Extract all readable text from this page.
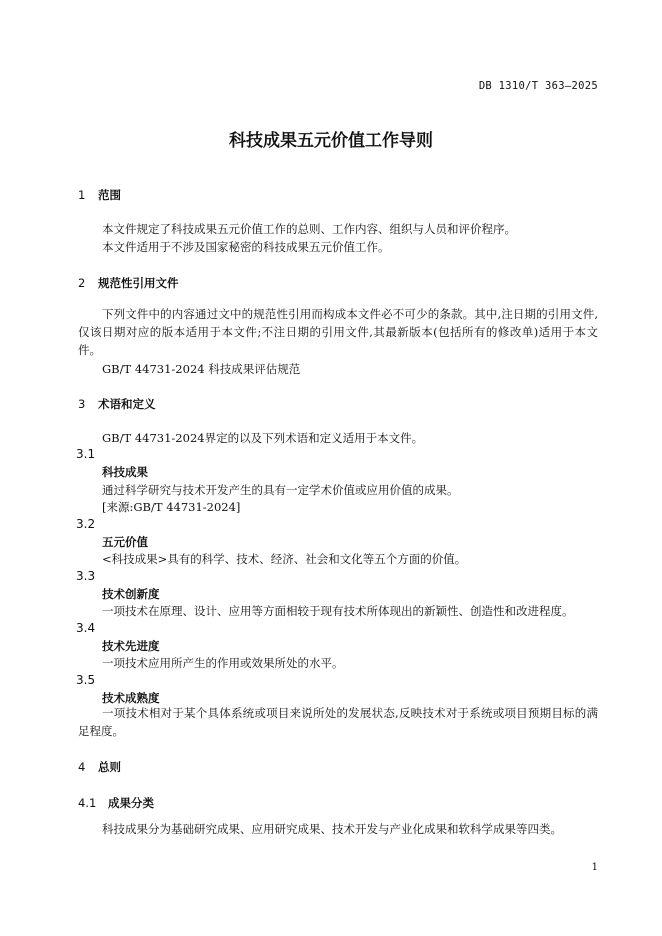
DB 1310/T 363—2025
科技成果五元价值工作导则
1 范围
本文件规定了科技成果五元价值工作的总则、工作内容、组织与人员和评价程序。
本文件适用于不涉及国家秘密的科技成果五元价值工作。
2 规范性引用文件
下列文件中的内容通过文中的规范性引用而构成本文件必不可少的条款。其中,注日期的引用文件,仅该日期对应的版本适用于本文件;不注日期的引用文件,其最新版本(包括所有的修改单)适用于本文件。
GB/T 44731-2024 科技成果评估规范
3 术语和定义
GB/T 44731-2024界定的以及下列术语和定义适用于本文件。
3.1
科技成果
通过科学研究与技术开发产生的具有一定学术价值或应用价值的成果。
[来源:GB/T 44731-2024]
3.2
五元价值
<科技成果>具有的科学、技术、经济、社会和文化等五个方面的价值。
3.3
技术创新度
一项技术在原理、设计、应用等方面相较于现有技术所体现出的新颖性、创造性和改进程度。
3.4
技术先进度
一项技术应用所产生的作用或效果所处的水平。
3.5
技术成熟度
一项技术相对于某个具体系统或项目来说所处的发展状态,反映技术对于系统或项目预期目标的满足程度。
4 总则
4.1 成果分类
科技成果分为基础研究成果、应用研究成果、技术开发与产业化成果和软科学成果等四类。
1
